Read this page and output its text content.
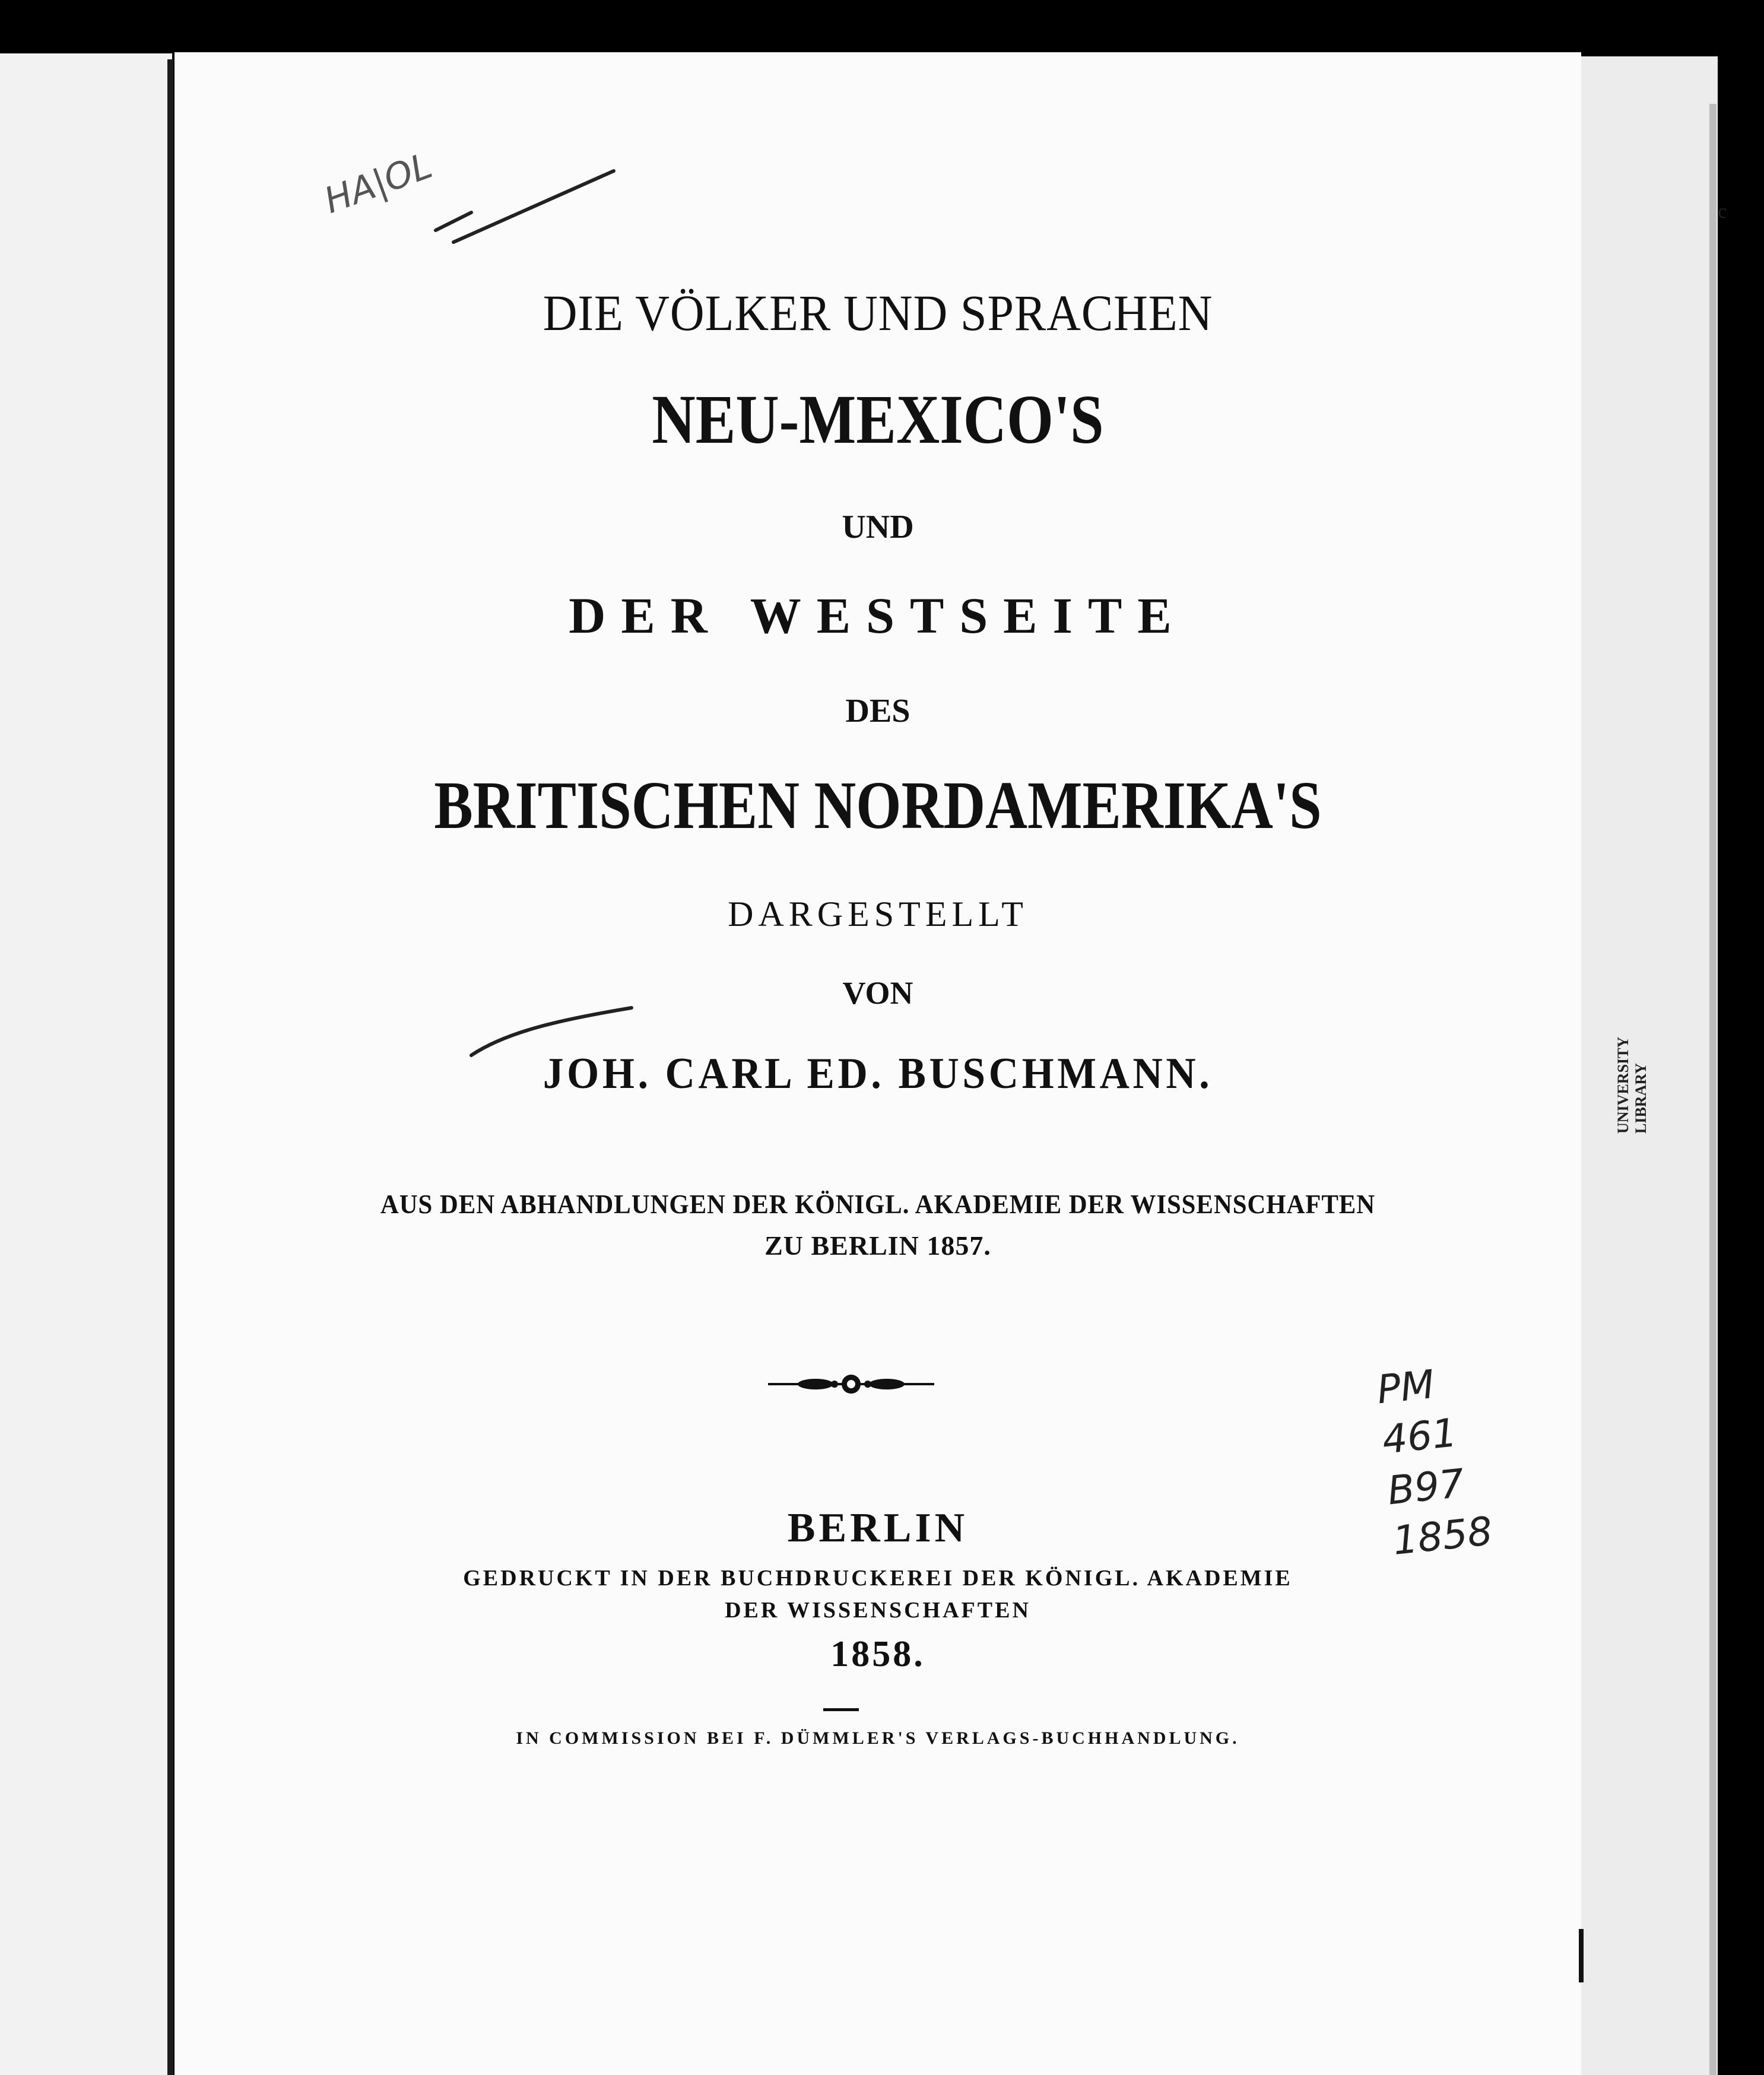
DIE VÖLKER UND SPRACHEN
NEU-MEXICO'S
UND
DER WESTSEITE
DES
BRITISCHEN NORDAMERIKA'S
DARGESTELLT
VON
JOH. CARL ED. BUSCHMANN.
AUS DEN ABHANDLUNGEN DER KÖNIGL. AKADEMIE DER WISSENSCHAFTEN
ZU BERLIN 1857.
BERLIN
GEDRUCKT IN DER BUCHDRUCKEREI DER KÖNIGL. AKADEMIE
DER WISSENSCHAFTEN
1858.
IN COMMISSION BEI F. DÜMMLER'S VERLAGS-BUCHHANDLUNG.
HA|OL
PM
461
B97
1858
c
UNIVERSITY LIBRARY
